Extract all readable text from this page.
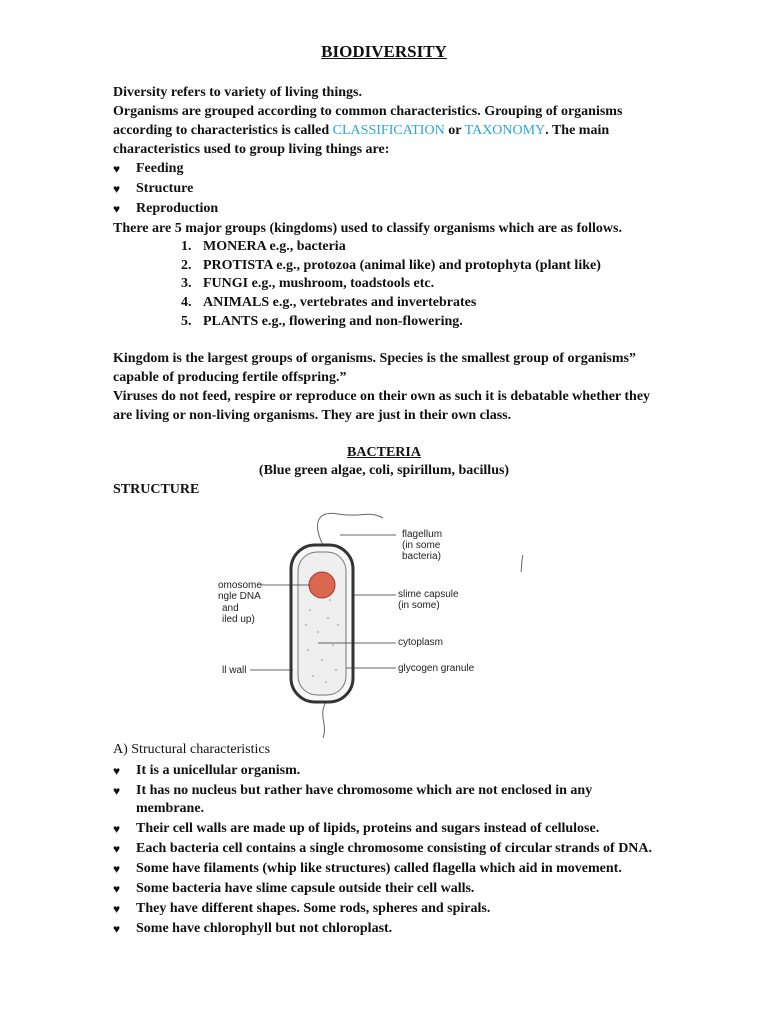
BIODIVERSITY
Diversity refers to variety of living things.
Organisms are grouped according to common characteristics. Grouping of organisms
according to characteristics is called CLASSIFICATION or TAXONOMY. The main
characteristics used to group living things are:
♥ Feeding
♥ Structure
♥ Reproduction
There are 5 major groups (kingdoms) used to classify organisms which are as follows.
1. MONERA e.g., bacteria
2. PROTISTA e.g., protozoa (animal like) and protophyta (plant like)
3. FUNGI e.g., mushroom, toadstools etc.
4. ANIMALS e.g., vertebrates and invertebrates
5. PLANTS e.g., flowering and non-flowering.
Kingdom is the largest groups of organisms. Species is the smallest group of organisms”
capable of producing fertile offspring.”
Viruses do not feed, respire or reproduce on their own as such it is debatable whether they
are living or non-living organisms. They are just in their own class.
BACTERIA
(Blue green algae, coli, spirillum, bacillus)
STRUCTURE
flagellum
(in some
bacteria)
omosome
ngle DNA
and
iled up)
slime capsule
(in some)
cytoplasm
ll wall	glycogen granule
A) Structural characteristics
♥ It is a unicellular organism.
♥ It has no nucleus but rather have chromosome which are not enclosed in any
membrane.
♥ Their cell walls are made up of lipids, proteins and sugars instead of cellulose.
♥ Each bacteria cell contains a single chromosome consisting of circular strands of DNA.
♥ Some have filaments (whip like structures) called flagella which aid in movement.
♥ Some bacteria have slime capsule outside their cell walls.
♥ They have different shapes. Some rods, spheres and spirals.
♥ Some have chlorophyll but not chloroplast.
